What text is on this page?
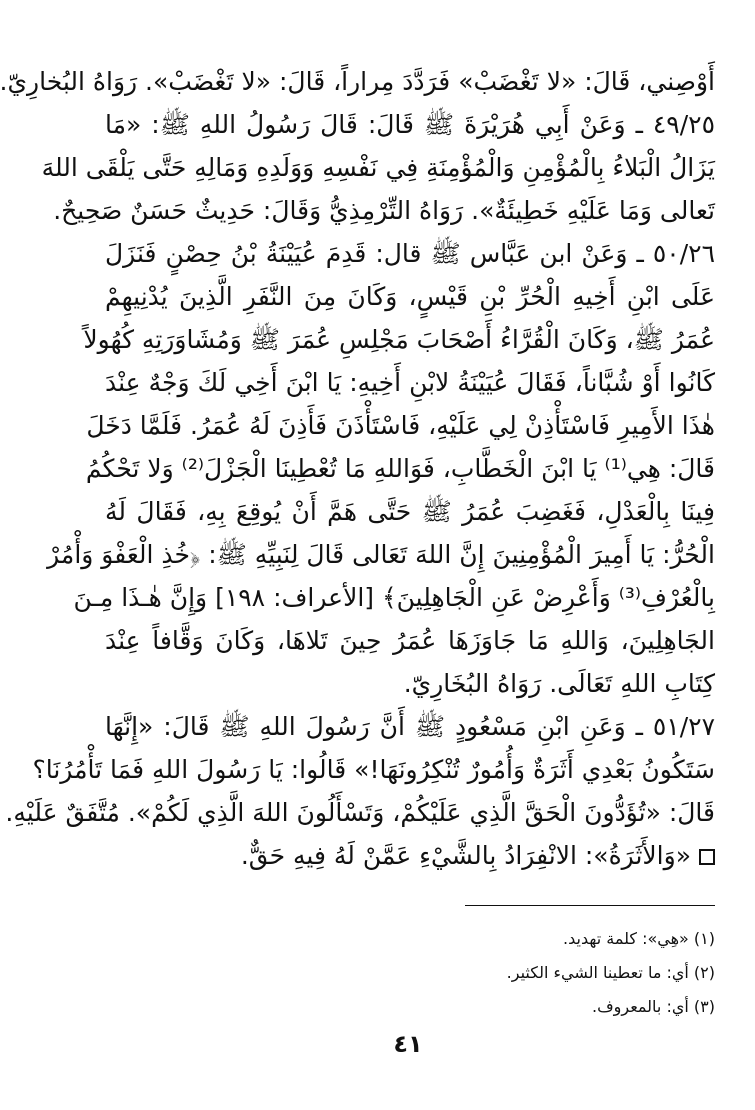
أَوْصِني، قَالَ: «لا تَغْضَبْ» فَرَدَّدَ مِراراً، قَالَ: «لا تَغْضَبْ». رَوَاهُ البُخارِيّ.
٤٩/٢٥ ـ وَعَنْ أَبِي هُرَيْرَةَ ﷺ قَالَ: قَالَ رَسُولُ اللهِ ﷺ: «مَا
يَزَالُ الْبَلاءُ بِالْمُؤْمِنِ وَالْمُؤْمِنَةِ فِي نَفْسِهِ وَوَلَدِهِ وَمَالِهِ حَتَّى يَلْقَى اللهَ
تَعالى وَمَا عَلَيْهِ خَطِيئَةٌ». رَوَاهُ التِّرْمِذِيُّ وَقَالَ: حَدِيثٌ حَسَنٌ صَحِيحٌ.
٥٠/٢٦ ـ وَعَنْ ابن عَبَّاس ﷺ قال: قَدِمَ عُيَيْنَةُ بْنُ حِصْنٍ فَنَزَلَ
عَلَى ابْنِ أَخِيهِ الْحُرِّ بْنِ قَيْسٍ، وَكَانَ مِنَ النَّفَرِ الَّذِينَ يُدْنِيهِمْ
عُمَرُ ﷺ، وَكَانَ الْقُرَّاءُ أَصْحَابَ مَجْلِسِ عُمَرَ ﷺ وَمُشَاوَرَتِهِ كُهُولاً
كَانُوا أَوْ شُبَّاناً، فَقَالَ عُيَيْنَةُ لابْنِ أَخِيهِ: يَا ابْنَ أَخِي لَكَ وَجْهٌ عِنْدَ
هٰذَا الأَمِيرِ فَاسْتَأْذِنْ لِي عَلَيْهِ، فَاسْتَأْذَنَ فَأَذِنَ لَهُ عُمَرُ. فَلَمَّا دَخَلَ
قَالَ: هِي⁽¹⁾ يَا ابْنَ الْخَطَّابِ، فَوَاللهِ مَا تُعْطِينَا الْجَزْلَ⁽²⁾ وَلا تَحْكُمُ
فِينَا بِالْعَدْلِ، فَغَضِبَ عُمَرُ ﷺ حَتَّى هَمَّ أَنْ يُوقِعَ بِهِ، فَقَالَ لَهُ
الْحُرُّ: يَا أَمِيرَ الْمُؤْمِنِينَ إِنَّ اللهَ تَعَالى قَالَ لِنَبِيِّهِ ﷺ: ﴿خُذِ الْعَفْوَ وَأْمُرْ
بِالْعُرْفِ⁽³⁾ وَأَعْرِضْ عَنِ الْجَاهِلِينَ﴾ [الأعراف: ١٩٨] وَإِنَّ هٰـذَا مِـنَ
الجَاهِلِينَ، وَاللهِ مَا جَاوَزَهَا عُمَرُ حِينَ تَلاهَا، وَكَانَ وَقَّافاً عِنْدَ
كِتَابِ اللهِ تَعَالَى. رَوَاهُ البُخَارِيّ.
٥١/٢٧ ـ وَعَنِ ابْنِ مَسْعُودٍ ﷺ أَنَّ رَسُولَ اللهِ ﷺ قَالَ: «إِنَّهَا
سَتَكُونُ بَعْدِي أَثَرَةٌ وَأُمُورٌ تُنْكِرُونَهَا!» قَالُوا: يَا رَسُولَ اللهِ فَمَا تَأْمُرُنَا؟
قَالَ: «تُؤَدُّونَ الْحَقَّ الَّذِي عَلَيْكُمْ، وَتَسْأَلُونَ اللهَ الَّذِي لَكُمْ». مُتَّفَقٌ عَلَيْهِ.
«وَالأَثَرَةُ»: الانْفِرَادُ بِالشَّيْءِ عَمَّنْ لَهُ فِيهِ حَقٌّ.
(١) «هِي»: كلمة تهديد.
(٢) أي: ما تعطينا الشيء الكثير.
(٣) أي: بالمعروف.
٤١
